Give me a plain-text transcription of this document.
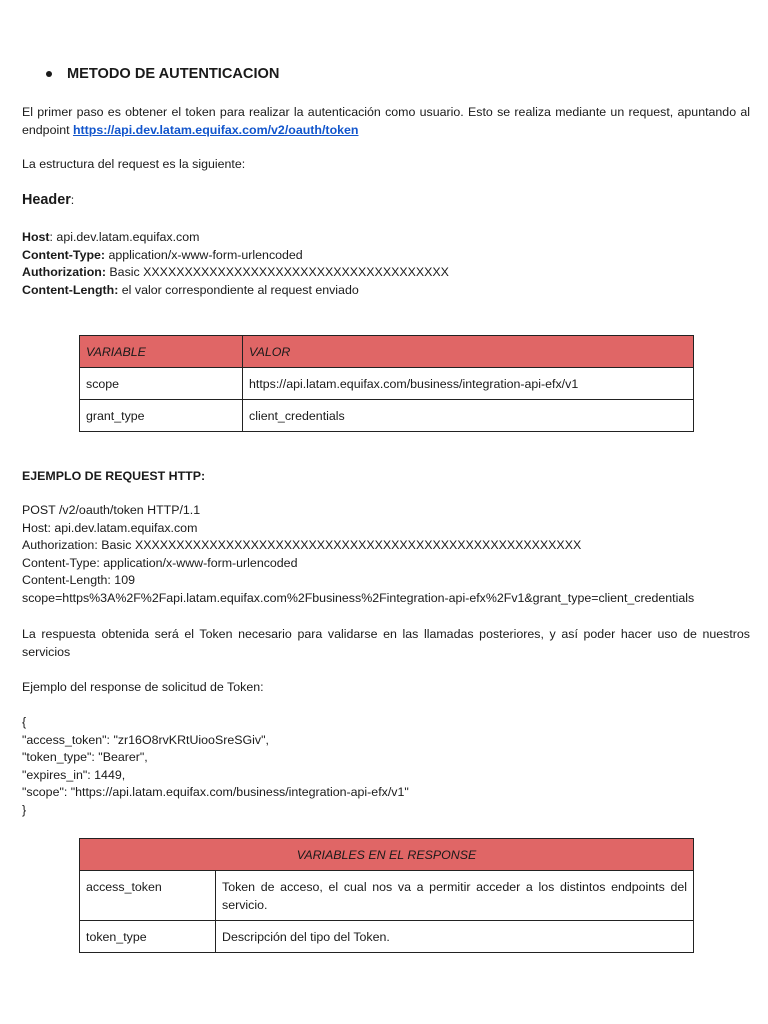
METODO DE AUTENTICACION

El primer paso es obtener el token para realizar la autenticación como usuario. Esto se realiza mediante un request, apuntando al endpoint https://api.dev.latam.equifax.com/v2/oauth/token

La estructura del request es la siguiente:

Header:

Host: api.dev.latam.equifax.com
Content-Type: application/x-www-form-urlencoded
Authorization: Basic XXXXXXXXXXXXXXXXXXXXXXXXXXXXXXXXXXXXX
Content-Length: el valor correspondiente al request enviado
VARIABLE	VALOR
scope	https://api.latam.equifax.com/business/integration-api-efx/v1
grant_type	client_credentials

EJEMPLO DE REQUEST HTTP:

POST /v2/oauth/token HTTP/1.1
Host: api.dev.latam.equifax.com
Authorization: Basic XXXXXXXXXXXXXXXXXXXXXXXXXXXXXXXXXXXXXXXXXXXXXXXXXXXXXX
Content-Type: application/x-www-form-urlencoded
Content-Length: 109
scope=https%3A%2F%2Fapi.latam.equifax.com%2Fbusiness%2Fintegration-api-efx%2Fv1&grant_type=client_credentials

La respuesta obtenida será el Token necesario para validarse en las llamadas posteriores, y así poder hacer uso de nuestros servicios

Ejemplo del response de solicitud de Token:

{
"access_token": "zr16O8rvKRtUiooSreSGiv",
"token_type": "Bearer",
"expires_in": 1449,
"scope": "https://api.latam.equifax.com/business/integration-api-efx/v1"
}
VARIABLES EN EL RESPONSE	
access_token	Token de acceso, el cual nos va a permitir acceder a los distintos endpoints del servicio.
token_type	Descripción del tipo del Token.
